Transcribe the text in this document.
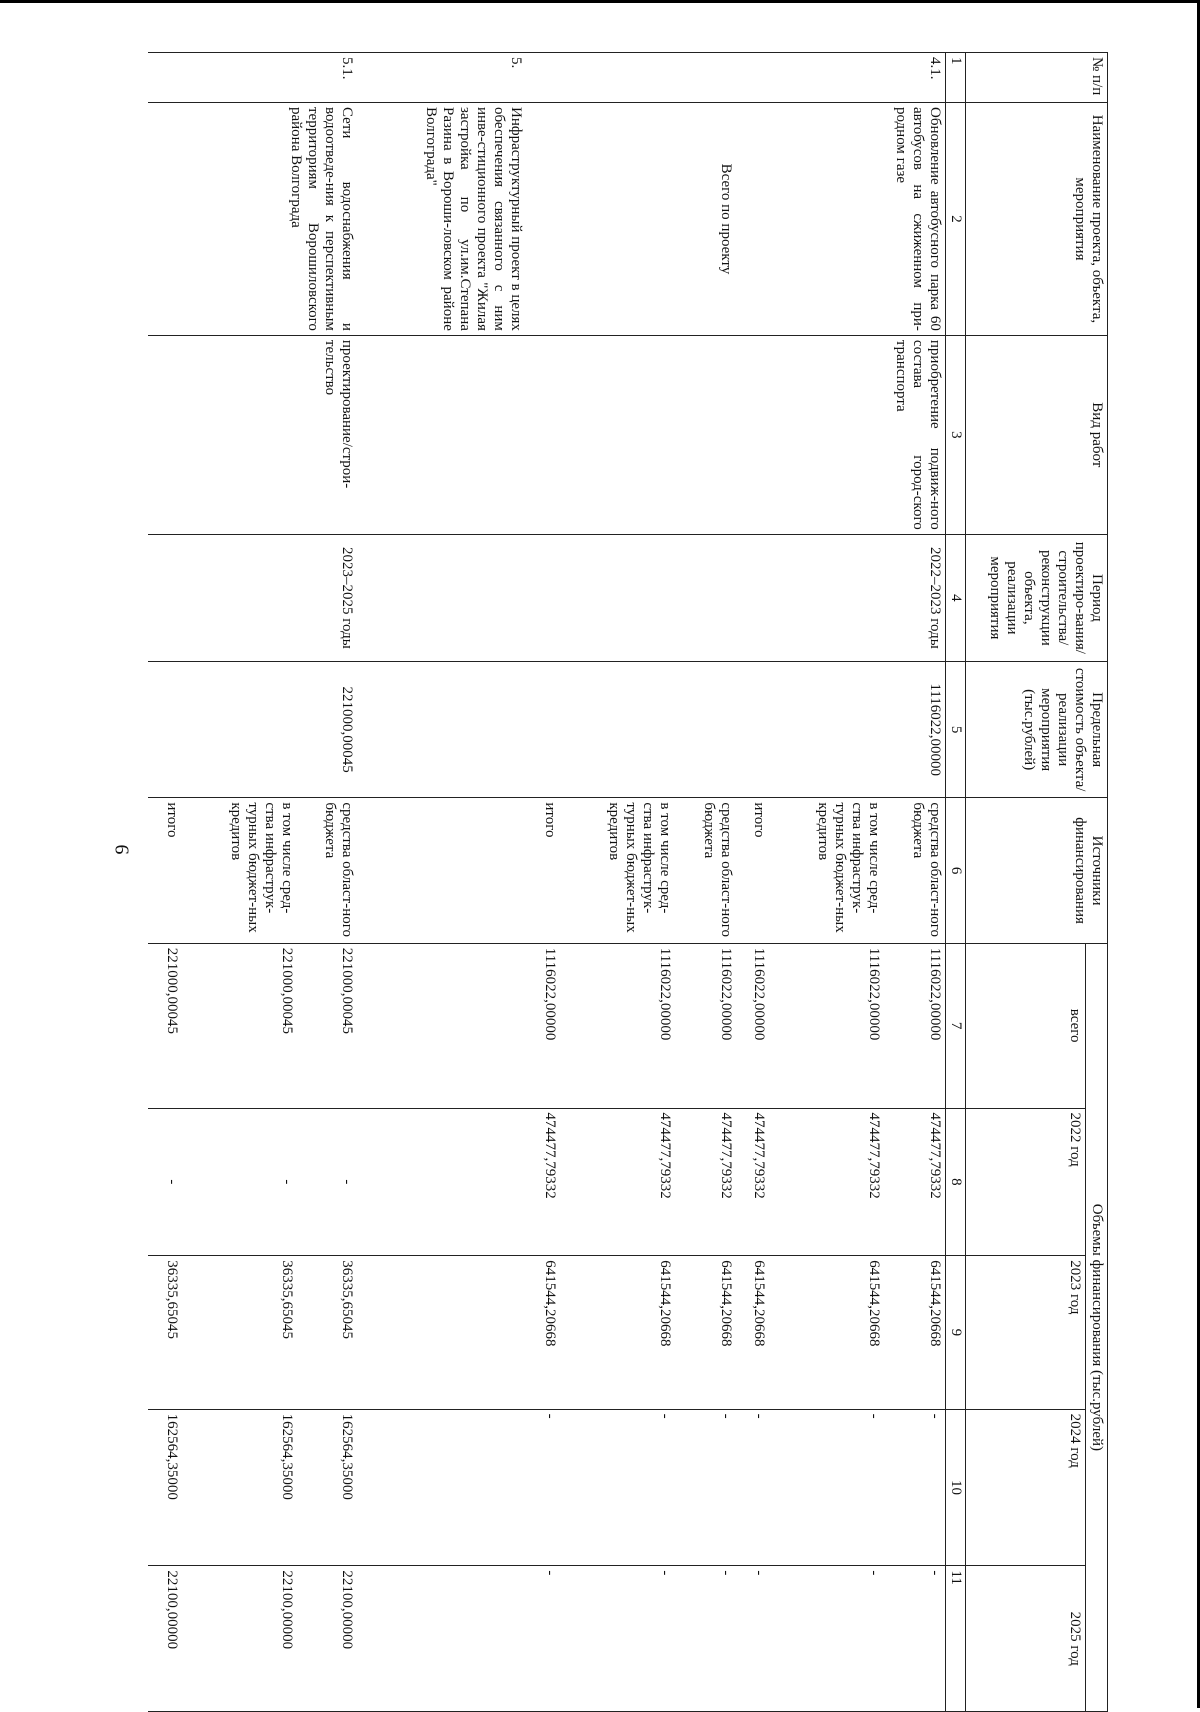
9
№ п/п	Наименование проекта, объекта, мероприятия	Вид работ	Период проектиро-вания/ строительства/ реконструкции объекта, реализации мероприятия	Предельная стоимость объекта/ реализации мероприятия (тыс.рублей)	Источники финансирования	Объемы финансирования (тыс.рублей)				
						всего	2022 год	2023 год	2024 год	2025 год
1	2	3	4	5	6	7	8	9	10	11
4.1.	Обновление автобусного парка 60 автобусов на сжиженном при-родном газе	приобретение подвиж-ного состава город-ского транспорта	2022–2023 годы	1116022,00000	средства област-ного бюджета	1116022,00000	474477,79332	641544,20668	-	-
					в том числе сред-ства инфраструк-турных бюджет-ных кредитов	1116022,00000	474477,79332	641544,20668	-	-
					итого	1116022,00000	474477,79332	641544,20668	-	-
	Всего по проекту				средства област-ного бюджета	1116022,00000	474477,79332	641544,20668	-	-
					в том числе сред-ства инфраструк-турных бюджет-ных кредитов	1116022,00000	474477,79332	641544,20668	-	-
					итого	1116022,00000	474477,79332	641544,20668	-	-
5.	Инфраструктурный проект в целях обеспечения связанного с ним инве-стиционного проекта "Жилая застройка по ул.им.Степана Разина в Вороши-ловском районе Волгограда"									
5.1.	Сети водоснабжения и водоотведе-ния к перспективным территориям Ворошиловского района Волгограда	проектирование/строи-тельство	2023–2025 годы	221000,00045	средства област-ного бюджета	221000,00045	-	36335,65045	162564,35000	22100,00000
					в том числе сред-ства инфраструк-турных бюджет-ных кредитов	221000,00045	-	36335,65045	162564,35000	22100,00000
					итого	221000,00045	-	36335,65045	162564,35000	22100,00000
